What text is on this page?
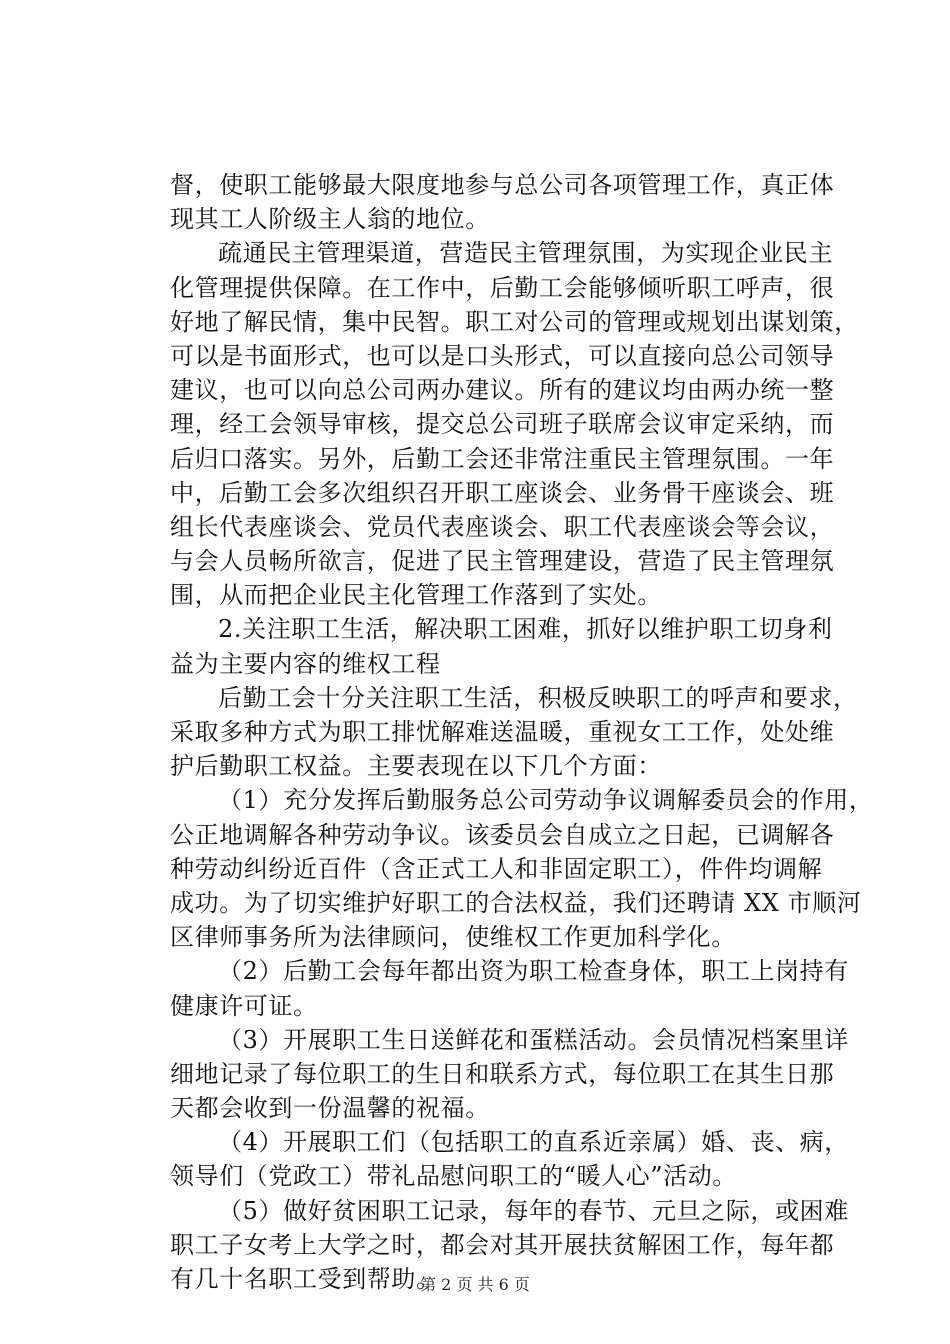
督，使职工能够最大限度地参与总公司各项管理工作，真正体
现其工人阶级主人翁的地位。
疏通民主管理渠道，营造民主管理氛围，为实现企业民主
化管理提供保障。在工作中，后勤工会能够倾听职工呼声，很
好地了解民情，集中民智。职工对公司的管理或规划出谋划策，
可以是书面形式，也可以是口头形式，可以直接向总公司领导
建议，也可以向总公司两办建议。所有的建议均由两办统一整
理，经工会领导审核，提交总公司班子联席会议审定采纳，而
后归口落实。另外，后勤工会还非常注重民主管理氛围。一年
中，后勤工会多次组织召开职工座谈会、业务骨干座谈会、班
组长代表座谈会、党员代表座谈会、职工代表座谈会等会议，
与会人员畅所欲言，促进了民主管理建设，营造了民主管理氛
围，从而把企业民主化管理工作落到了实处。
2.关注职工生活，解决职工困难，抓好以维护职工切身利
益为主要内容的维权工程
后勤工会十分关注职工生活，积极反映职工的呼声和要求，
采取多种方式为职工排忧解难送温暖，重视女工工作，处处维
护后勤职工权益。主要表现在以下几个方面：
（1）充分发挥后勤服务总公司劳动争议调解委员会的作用，
公正地调解各种劳动争议。该委员会自成立之日起，已调解各
种劳动纠纷近百件（含正式工人和非固定职工），件件均调解
成功。为了切实维护好职工的合法权益，我们还聘请 XX 市顺河
区律师事务所为法律顾问，使维权工作更加科学化。
（2）后勤工会每年都出资为职工检查身体，职工上岗持有
健康许可证。
（3）开展职工生日送鲜花和蛋糕活动。会员情况档案里详
细地记录了每位职工的生日和联系方式，每位职工在其生日那
天都会收到一份温馨的祝福。
（4）开展职工们（包括职工的直系近亲属）婚、丧、病，
领导们（党政工）带礼品慰问职工的“暖人心”活动。
（5）做好贫困职工记录，每年的春节、元旦之际，或困难
职工子女考上大学之时，都会对其开展扶贫解困工作，每年都
有几十名职工受到帮助。
第 2 页 共 6 页
